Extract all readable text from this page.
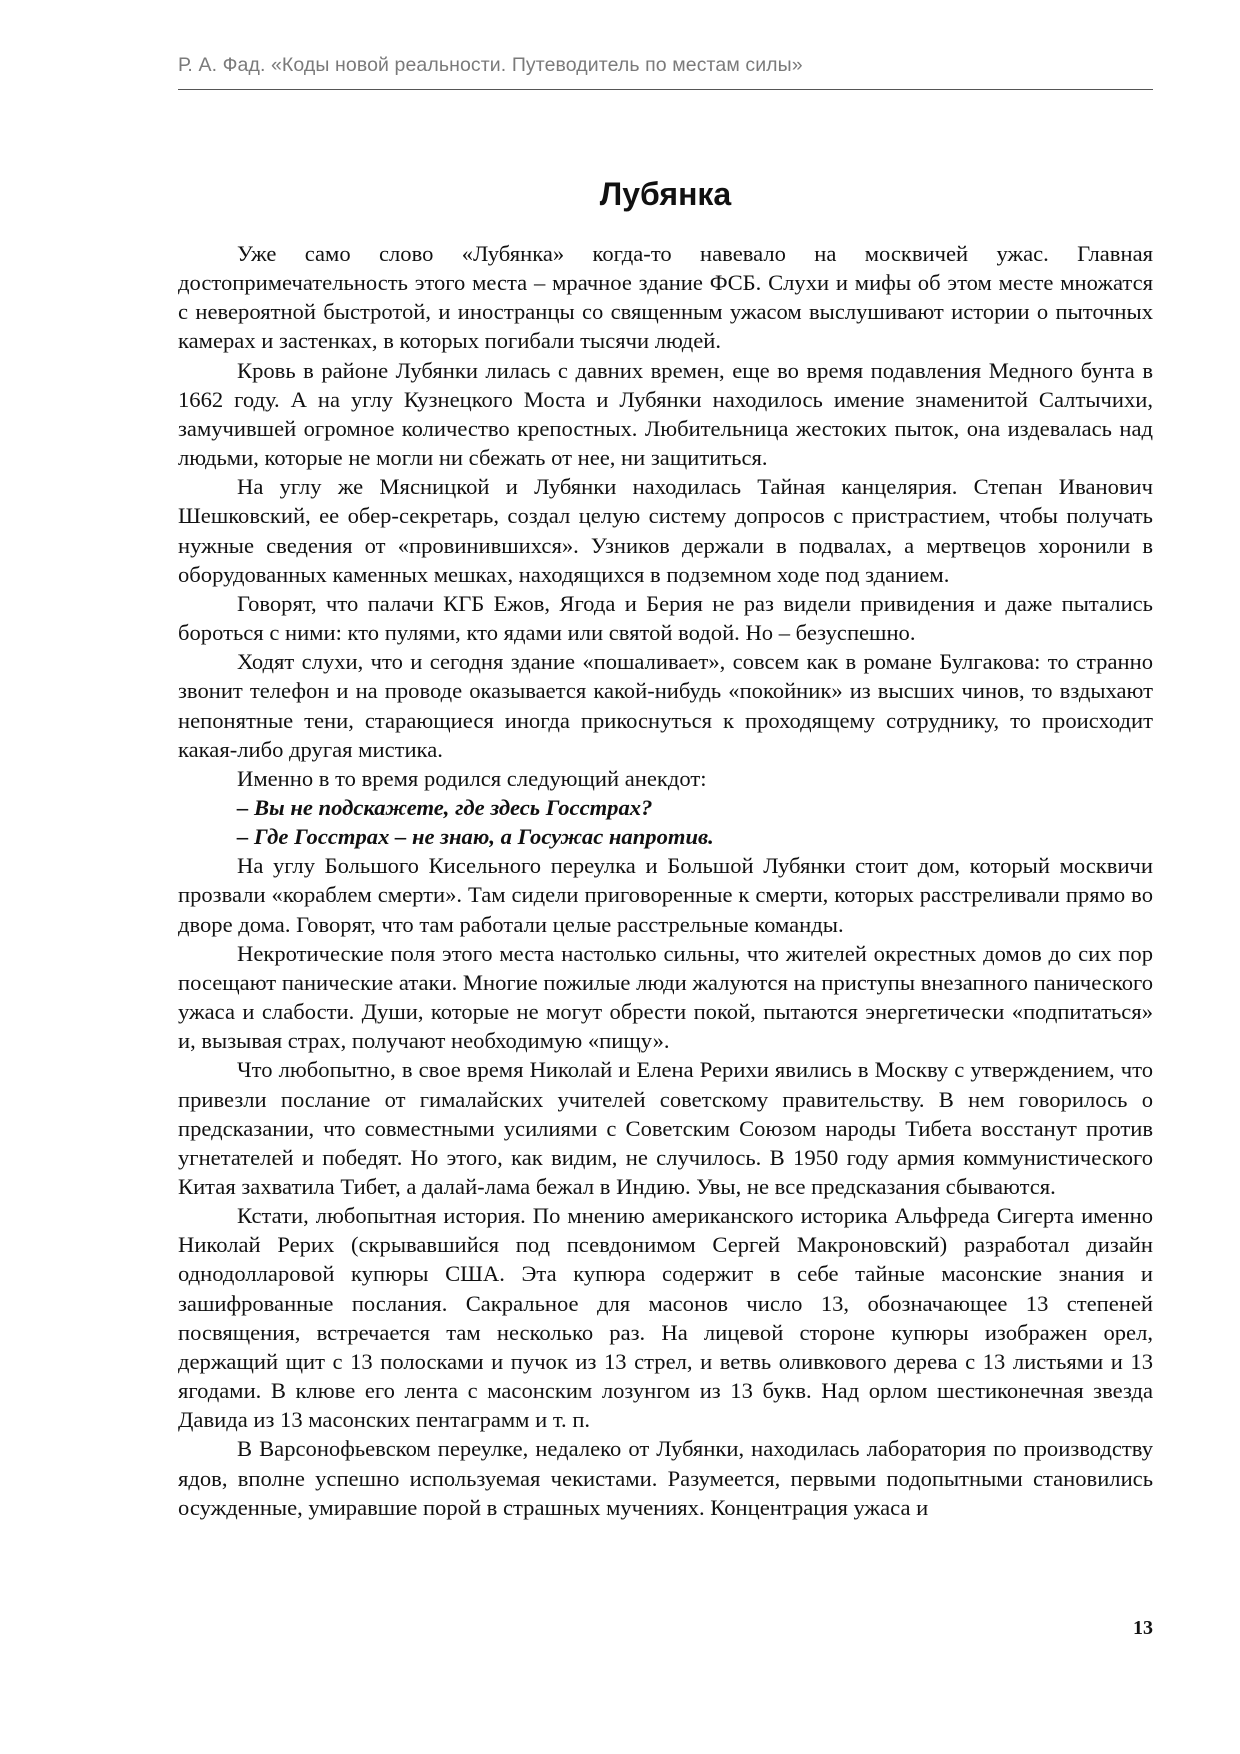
Р. А. Фад. «Коды новой реальности. Путеводитель по местам силы»
Лубянка

Уже само слово «Лубянка» когда-то навевало на москвичей ужас. Главная достопримечательность этого места – мрачное здание ФСБ. Слухи и мифы об этом месте множатся с невероятной быстротой, и иностранцы со священным ужасом выслушивают истории о пыточных камерах и застенках, в которых погибали тысячи людей.

Кровь в районе Лубянки лилась с давних времен, еще во время подавления Медного бунта в 1662 году. А на углу Кузнецкого Моста и Лубянки находилось имение знаменитой Салтычихи, замучившей огромное количество крепостных. Любительница жестоких пыток, она издевалась над людьми, которые не могли ни сбежать от нее, ни защититься.

На углу же Мясницкой и Лубянки находилась Тайная канцелярия. Степан Иванович Шешковский, ее обер-секретарь, создал целую систему допросов с пристрастием, чтобы получать нужные сведения от «провинившихся». Узников держали в подвалах, а мертвецов хоронили в оборудованных каменных мешках, находящихся в подземном ходе под зданием.

Говорят, что палачи КГБ Ежов, Ягода и Берия не раз видели привидения и даже пытались бороться с ними: кто пулями, кто ядами или святой водой. Но – безуспешно.

Ходят слухи, что и сегодня здание «пошаливает», совсем как в романе Булгакова: то странно звонит телефон и на проводе оказывается какой-нибудь «покойник» из высших чинов, то вздыхают непонятные тени, старающиеся иногда прикоснуться к проходящему сотруднику, то происходит какая-либо другая мистика.

Именно в то время родился следующий анекдот:

– Вы не подскажете, где здесь Госстрах?

– Где Госстрах – не знаю, а Госужас напротив.

На углу Большого Кисельного переулка и Большой Лубянки стоит дом, который москвичи прозвали «кораблем смерти». Там сидели приговоренные к смерти, которых расстреливали прямо во дворе дома. Говорят, что там работали целые расстрельные команды.

Некротические поля этого места настолько сильны, что жителей окрестных домов до сих пор посещают панические атаки. Многие пожилые люди жалуются на приступы внезапного панического ужаса и слабости. Души, которые не могут обрести покой, пытаются энергетически «подпитаться» и, вызывая страх, получают необходимую «пищу».

Что любопытно, в свое время Николай и Елена Рерихи явились в Москву с утверждением, что привезли послание от гималайских учителей советскому правительству. В нем говорилось о предсказании, что совместными усилиями с Советским Союзом народы Тибета восстанут против угнетателей и победят. Но этого, как видим, не случилось. В 1950 году армия коммунистического Китая захватила Тибет, а далай-лама бежал в Индию. Увы, не все предсказания сбываются.

Кстати, любопытная история. По мнению американского историка Альфреда Сигерта именно Николай Рерих (скрывавшийся под псевдонимом Сергей Макроновский) разработал дизайн однодолларовой купюры США. Эта купюра содержит в себе тайные масонские знания и зашифрованные послания. Сакральное для масонов число 13, обозначающее 13 степеней посвящения, встречается там несколько раз. На лицевой стороне купюры изображен орел, держащий щит с 13 полосками и пучок из 13 стрел, и ветвь оливкового дерева с 13 листьями и 13 ягодами. В клюве его лента с масонским лозунгом из 13 букв. Над орлом шестиконечная звезда Давида из 13 масонских пентаграмм и т. п.

В Варсонофьевском переулке, недалеко от Лубянки, находилась лаборатория по производству ядов, вполне успешно используемая чекистами. Разумеется, первыми подопытными становились осужденные, умиравшие порой в страшных мучениях. Концентрация ужаса и

13
